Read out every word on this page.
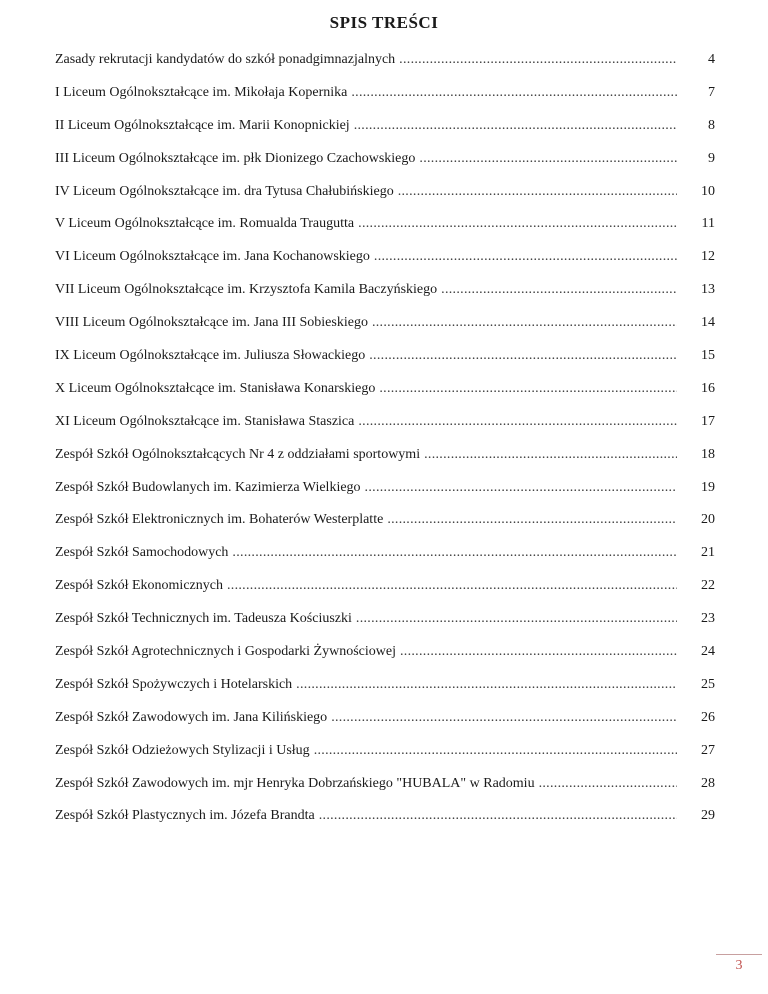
SPIS TREŚCI
Zasady rekrutacji kandydatów do szkół ponadgimnazjalnych .....	4
I Liceum Ogólnokształcące im. Mikołaja Kopernika .....	7
II Liceum Ogólnokształcące im. Marii Konopnickiej .....	8
III Liceum Ogólnokształcące im. płk Dionizego Czachowskiego .....	9
IV Liceum Ogólnokształcące im. dra Tytusa Chałubińskiego .....	10
V Liceum Ogólnokształcące im. Romualda Traugutta .....	11
VI Liceum Ogólnokształcące im. Jana Kochanowskiego .....	12
VII Liceum Ogólnokształcące im. Krzysztofa Kamila Baczyńskiego .....	13
VIII Liceum Ogólnokształcące im. Jana III Sobieskiego .....	14
IX Liceum Ogólnokształcące im. Juliusza Słowackiego .....	15
X Liceum Ogólnokształcące im. Stanisława Konarskiego .....	16
XI Liceum Ogólnokształcące im. Stanisława Staszica .....	17
Zespół Szkół Ogólnokształcących Nr 4 z oddziałami sportowymi .....	18
Zespół Szkół Budowlanych im. Kazimierza Wielkiego .....	19
Zespół Szkół Elektronicznych im. Bohaterów Westerplatte .....	20
Zespół Szkół Samochodowych .....	21
Zespół Szkół Ekonomicznych .....	22
Zespół Szkół Technicznych im. Tadeusza Kościuszki .....	23
Zespół Szkół Agrotechnicznych i Gospodarki Żywnościowej .....	24
Zespół Szkół Spożywczych i Hotelarskich .....	25
Zespół Szkół Zawodowych im. Jana Kilińskiego .....	26
Zespół Szkół Odzieżowych Stylizacji i Usług .....	27
Zespół Szkół Zawodowych im. mjr Henryka Dobrzańskiego "HUBALA" w Radomiu .....	28
Zespół Szkół Plastycznych im. Józefa Brandta .....	29
3
